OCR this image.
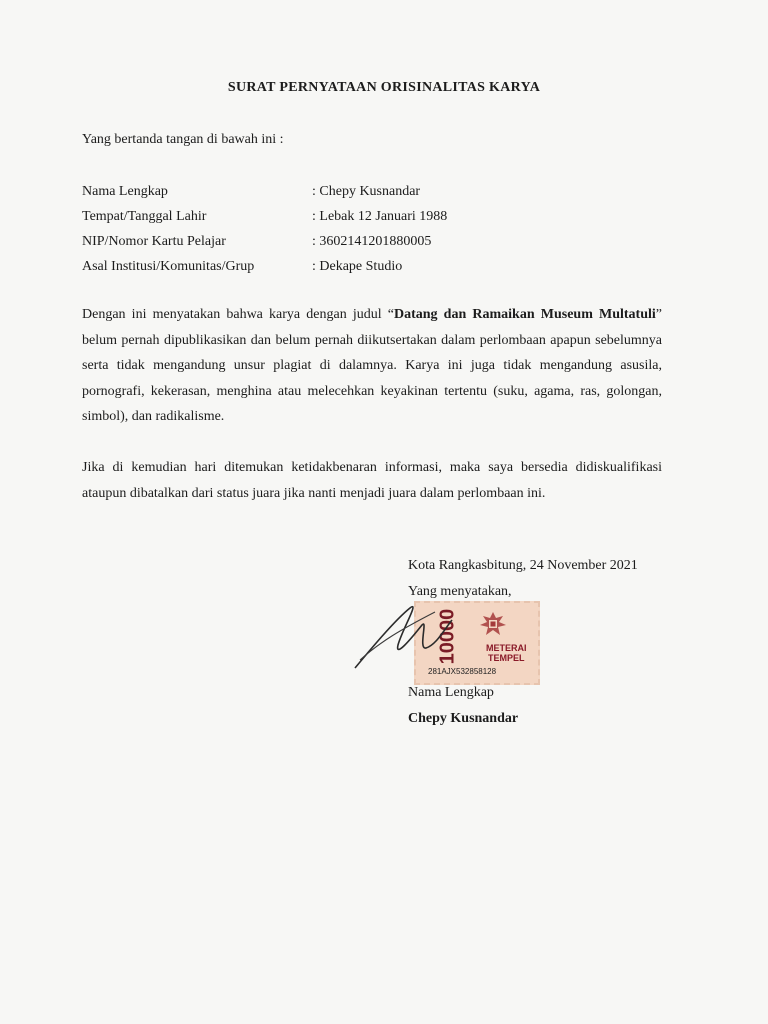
SURAT PERNYATAAN ORISINALITAS KARYA
Yang bertanda tangan di bawah ini :
Nama Lengkap	: Chepy Kusnandar
Tempat/Tanggal Lahir	: Lebak 12 Januari 1988
NIP/Nomor Kartu Pelajar	: 3602141201880005
Asal Institusi/Komunitas/Grup	: Dekape Studio

Dengan ini menyatakan bahwa karya dengan judul “Datang dan Ramaikan Museum Multatuli” belum pernah dipublikasikan dan belum pernah diikutsertakan dalam perlombaan apapun sebelumnya serta tidak mengandung unsur plagiat di dalamnya. Karya ini juga tidak mengandung asusila, pornografi, kekerasan, menghina atau melecehkan keyakinan tertentu (suku, agama, ras, golongan, simbol), dan radikalisme.

Jika di kemudian hari ditemukan ketidakbenaran informasi, maka saya bersedia didiskualifikasi ataupun dibatalkan dari status juara jika nanti menjadi juara dalam perlombaan ini.

Kota Rangkasbitung, 24 November 2021
10000	METERAI
TEMPEL
281AJX532858128
Yang menyatakan,
Nama Lengkap
Chepy Kusnandar
